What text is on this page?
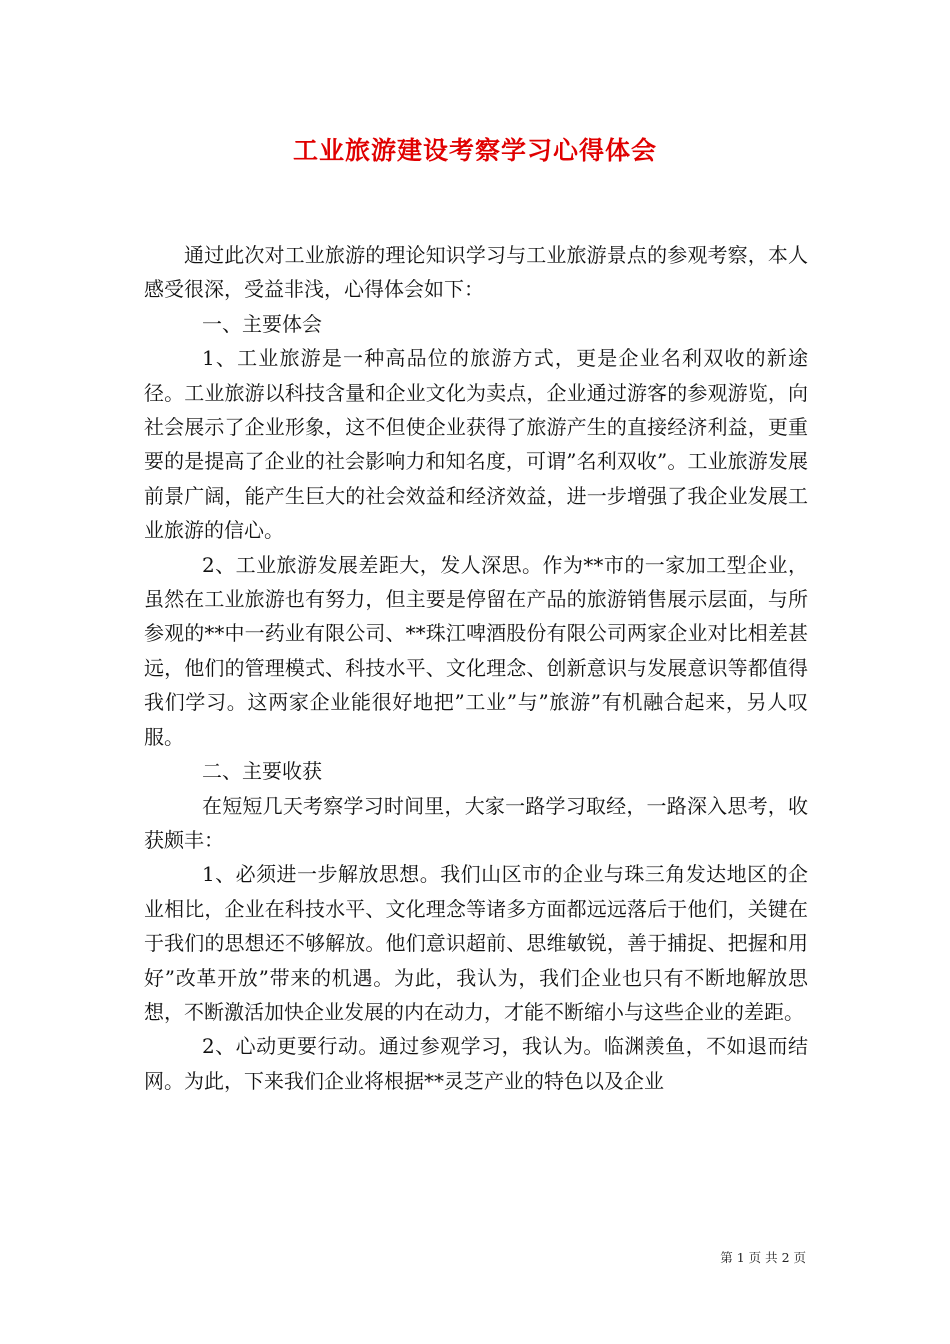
工业旅游建设考察学习心得体会

通过此次对工业旅游的理论知识学习与工业旅游景点的参观考察，本人感受很深，受益非浅，心得体会如下：

一、主要体会

1、工业旅游是一种高品位的旅游方式，更是企业名利双收的新途径。工业旅游以科技含量和企业文化为卖点，企业通过游客的参观游览，向社会展示了企业形象，这不但使企业获得了旅游产生的直接经济利益，更重要的是提高了企业的社会影响力和知名度，可谓”名利双收”。工业旅游发展前景广阔，能产生巨大的社会效益和经济效益，进一步增强了我企业发展工业旅游的信心。

2、工业旅游发展差距大，发人深思。作为**市的一家加工型企业，虽然在工业旅游也有努力，但主要是停留在产品的旅游销售展示层面，与所参观的**中一药业有限公司、**珠江啤酒股份有限公司两家企业对比相差甚远，他们的管理模式、科技水平、文化理念、创新意识与发展意识等都值得我们学习。这两家企业能很好地把”工业”与”旅游”有机融合起来，另人叹服。

二、主要收获

在短短几天考察学习时间里，大家一路学习取经，一路深入思考，收获颇丰：

1、必须进一步解放思想。我们山区市的企业与珠三角发达地区的企业相比，企业在科技水平、文化理念等诸多方面都远远落后于他们，关键在于我们的思想还不够解放。他们意识超前、思维敏锐，善于捕捉、把握和用好”改革开放”带来的机遇。为此，我认为，我们企业也只有不断地解放思想，不断激活加快企业发展的内在动力，才能不断缩小与这些企业的差距。

2、心动更要行动。通过参观学习，我认为。临渊羡鱼，不如退而结网。为此，下来我们企业将根据**灵芝产业的特色以及企业

第 1 页 共 2 页
